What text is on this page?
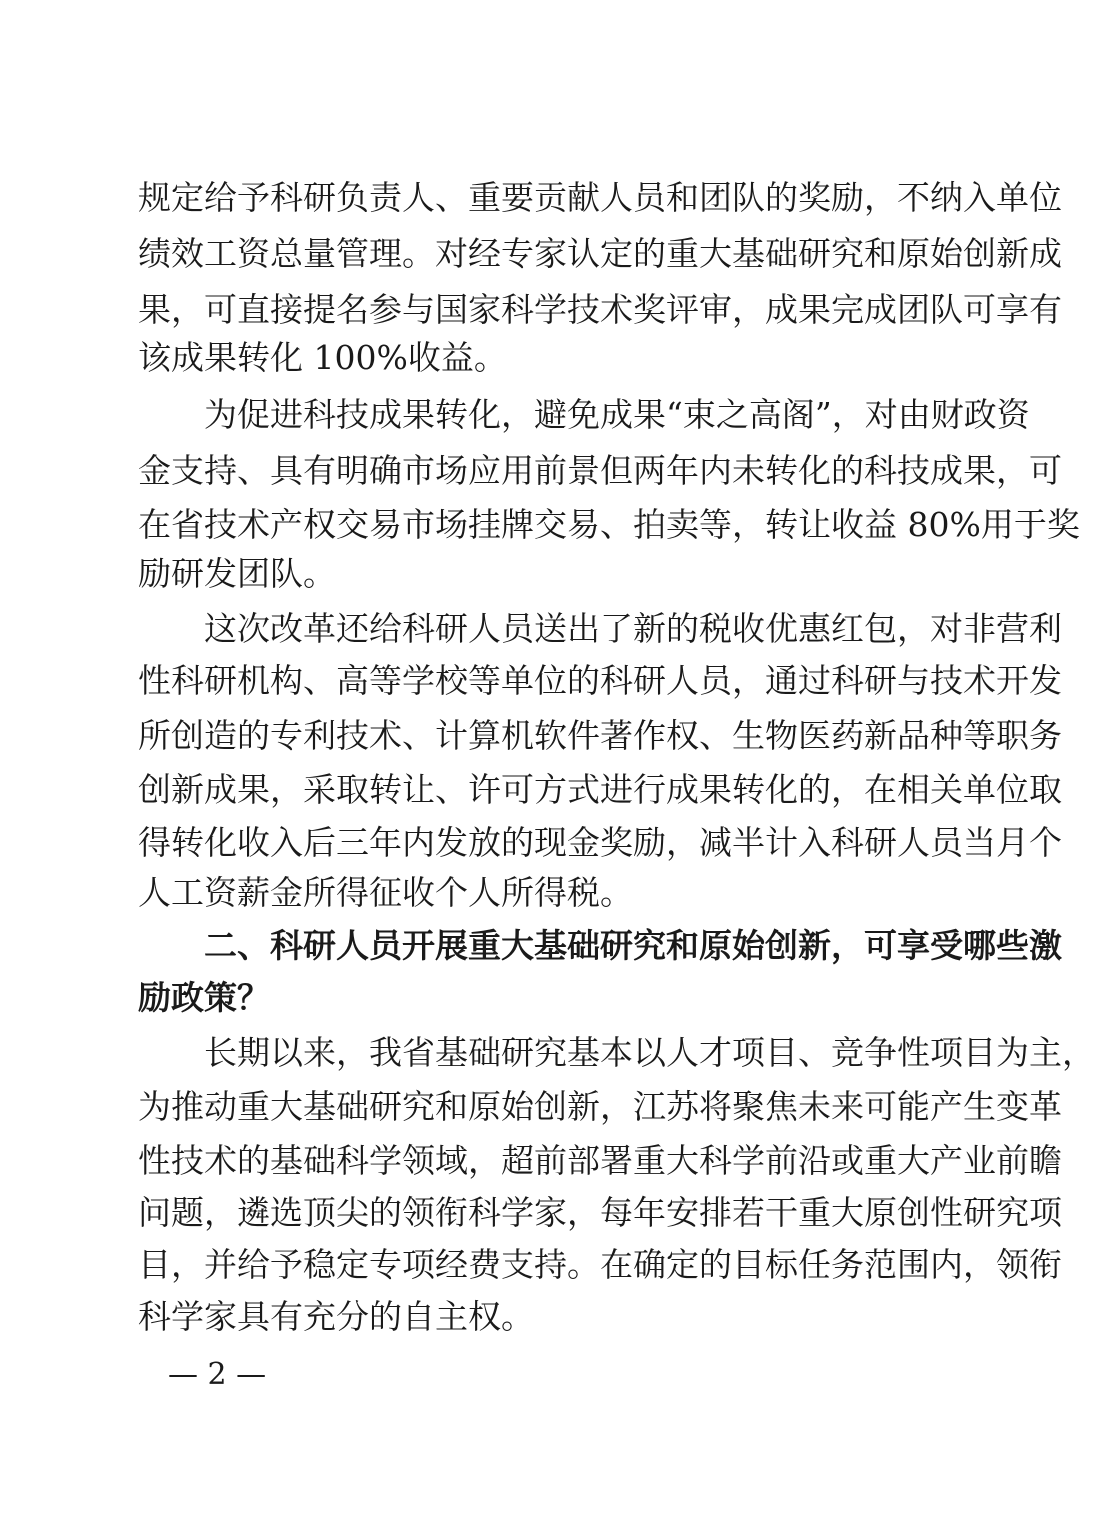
规定给予科研负责人、重要贡献人员和团队的奖励，不纳入单位
绩效工资总量管理。对经专家认定的重大基础研究和原始创新成
果，可直接提名参与国家科学技术奖评审，成果完成团队可享有
该成果转化 100%收益。
为促进科技成果转化，避免成果“束之高阁”，对由财政资
金支持、具有明确市场应用前景但两年内未转化的科技成果，可
在省技术产权交易市场挂牌交易、拍卖等，转让收益 80%用于奖
励研发团队。
这次改革还给科研人员送出了新的税收优惠红包，对非营利
性科研机构、高等学校等单位的科研人员，通过科研与技术开发
所创造的专利技术、计算机软件著作权、生物医药新品种等职务
创新成果，采取转让、许可方式进行成果转化的，在相关单位取
得转化收入后三年内发放的现金奖励，减半计入科研人员当月个
人工资薪金所得征收个人所得税。
二、科研人员开展重大基础研究和原始创新，可享受哪些激
励政策？
长期以来，我省基础研究基本以人才项目、竞争性项目为主，
为推动重大基础研究和原始创新，江苏将聚焦未来可能产生变革
性技术的基础科学领域，超前部署重大科学前沿或重大产业前瞻
问题，遴选顶尖的领衔科学家，每年安排若干重大原创性研究项
目，并给予稳定专项经费支持。在确定的目标任务范围内，领衔
科学家具有充分的自主权。
— 2 —
